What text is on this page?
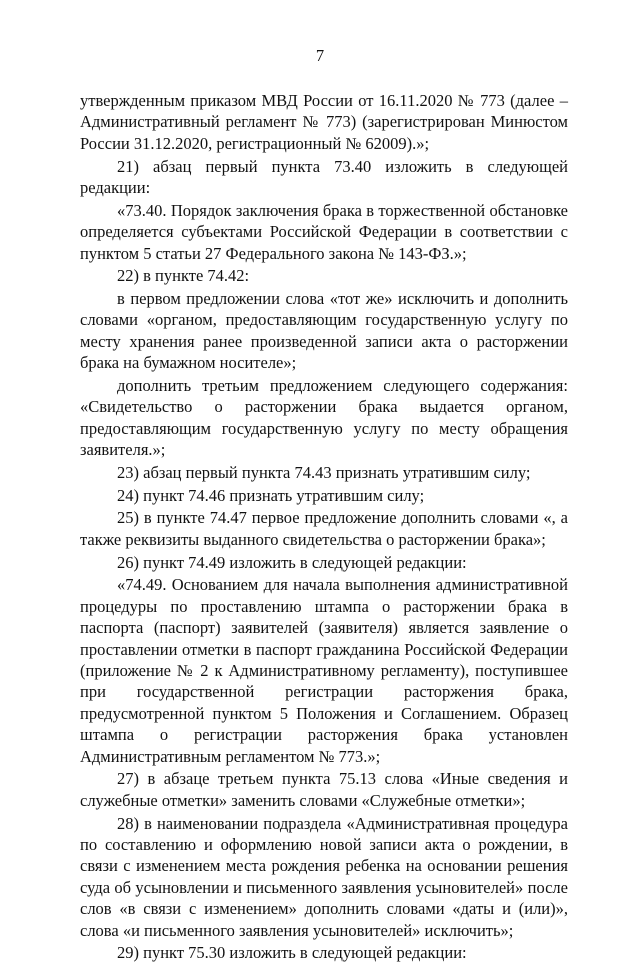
7

утвержденным приказом МВД России от 16.11.2020 № 773 (далее – Административный регламент № 773) (зарегистрирован Минюстом России 31.12.2020, регистрационный № 62009).»;

21) абзац первый пункта 73.40 изложить в следующей редакции:

«73.40. Порядок заключения брака в торжественной обстановке определяется субъектами Российской Федерации в соответствии с пунктом 5 статьи 27 Федерального закона № 143-ФЗ.»;

22) в пункте 74.42:

в первом предложении слова «тот же» исключить и дополнить словами «органом, предоставляющим государственную услугу по месту хранения ранее произведенной записи акта о расторжении брака на бумажном носителе»;

дополнить третьим предложением следующего содержания: «Свидетельство о расторжении брака выдается органом, предоставляющим государственную услугу по месту обращения заявителя.»;

23) абзац первый пункта 74.43 признать утратившим силу;

24) пункт 74.46 признать утратившим силу;

25) в пункте 74.47 первое предложение дополнить словами «, а также реквизиты выданного свидетельства о расторжении брака»;

26) пункт 74.49 изложить в следующей редакции:

«74.49. Основанием для начала выполнения административной процедуры по проставлению штампа о расторжении брака в паспорта (паспорт) заявителей (заявителя) является заявление о проставлении отметки в паспорт гражданина Российской Федерации (приложение № 2 к Административному регламенту), поступившее при государственной регистрации расторжения брака, предусмотренной пунктом 5 Положения и Соглашением. Образец штампа о регистрации расторжения брака установлен Административным регламентом № 773.»;

27) в абзаце третьем пункта 75.13 слова «Иные сведения и служебные отметки» заменить словами «Служебные отметки»;

28) в наименовании подраздела «Административная процедура по составлению и оформлению новой записи акта о рождении, в связи с изменением места рождения ребенка на основании решения суда об усыновлении и письменного заявления усыновителей» после слов «в связи с изменением» дополнить словами «даты и (или)», слова «и письменного заявления усыновителей» исключить»;

29) пункт 75.30 изложить в следующей редакции:
